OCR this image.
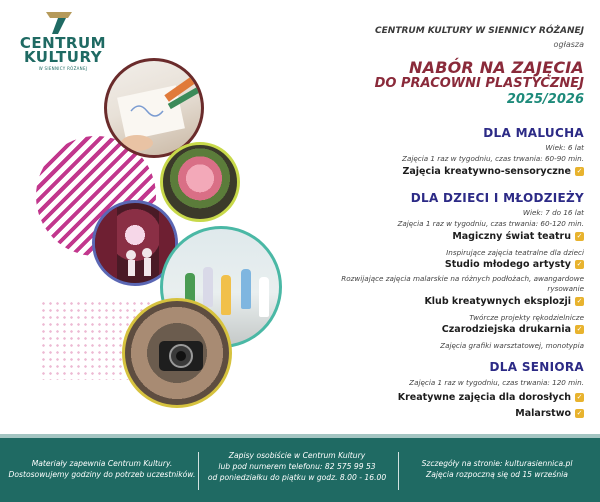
CENTRUM
KULTURY
W SIENNICY RÓŻANEJ
CENTRUM KULTURY W SIENNICY RÓŻANEJ
ogłasza
NABÓR NA ZAJĘCIA
DO PRACOWNI PLASTYCZNEJ
2025/2026
DLA MALUCHA
Wiek: 6 lat
Zajęcia 1 raz w tygodniu, czas trwania: 60-90 min.
Zajęcia kreatywno-sensoryczne ✓
DLA DZIECI I MŁODZIEŻY
Wiek: 7 do 16 lat
Zajęcia 1 raz w tygodniu, czas trwania: 60-120 min.
Magiczny świat teatru ✓
Inspirujące zajęcia teatralne dla dzieci
Studio młodego artysty ✓
Rozwijające zajęcia malarskie na różnych podłożach, awangardowe
rysowanie
Klub kreatywnych eksplozji ✓
Twórcze projekty rękodzielnicze
Czarodziejska drukarnia ✓
Zajęcia grafiki warsztatowej, monotypia
DLA SENIORA
Zajęcia 1 raz w tygodniu, czas trwania: 120 min.
Kreatywne zajęcia dla dorosłych ✓
Malarstwo ✓
Materiały zapewnia Centrum Kultury.
Dostosowujemy godziny do potrzeb uczestników.
Zapisy osobiście w Centrum Kultury
lub pod numerem telefonu: 82 575 99 53
od poniedziałku do piątku w godz. 8.00 - 16.00
Szczegóły na stronie: kulturasiennica.pl
Zajęcia rozpoczną się od 15 września
